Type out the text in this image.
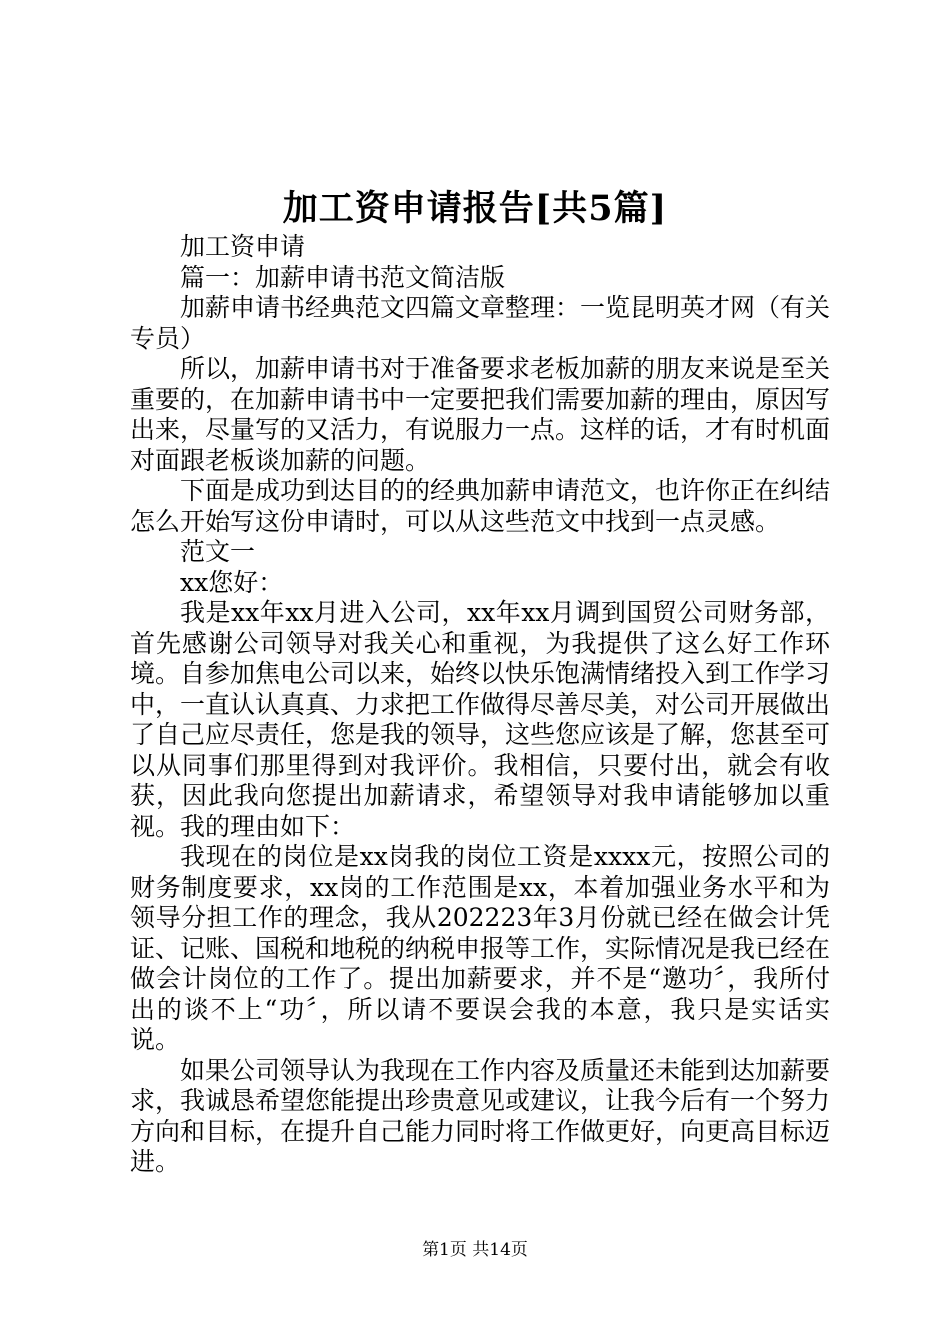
加工资申请报告[共5篇]

加工资申请

篇一：加薪申请书范文简洁版

加薪申请书经典范文四篇文章整理：一览昆明英才网（有关专员）

所以，加薪申请书对于准备要求老板加薪的朋友来说是至关重要的，在加薪申请书中一定要把我们需要加薪的理由，原因写出来，尽量写的又活力，有说服力一点。这样的话，才有时机面对面跟老板谈加薪的问题。

下面是成功到达目的的经典加薪申请范文，也许你正在纠结怎么开始写这份申请时，可以从这些范文中找到一点灵感。

范文一

xx您好：

我是xx年xx月进入公司，xx年xx月调到国贸公司财务部，首先感谢公司领导对我关心和重视，为我提供了这么好工作环境。自参加焦电公司以来，始终以快乐饱满情绪投入到工作学习中，一直认认真真、力求把工作做得尽善尽美，对公司开展做出了自己应尽责任，您是我的领导，这些您应该是了解，您甚至可以从同事们那里得到对我评价。我相信，只要付出，就会有收获，因此我向您提出加薪请求，希望领导对我申请能够加以重视。我的理由如下：

我现在的岗位是xx岗我的岗位工资是xxxx元，按照公司的财务制度要求，xx岗的工作范围是xx，本着加强业务水平和为领导分担工作的理念，我从202223年3月份就已经在做会计凭证、记账、国税和地税的纳税申报等工作，实际情况是我已经在做会计岗位的工作了。提出加薪要求，并不是“邀功〞，我所付出的谈不上“功〞，所以请不要误会我的本意，我只是实话实说。

如果公司领导认为我现在工作内容及质量还未能到达加薪要求，我诚恳希望您能提出珍贵意见或建议，让我今后有一个努力方向和目标，在提升自己能力同时将工作做更好，向更高目标迈进。

第1页 共14页
